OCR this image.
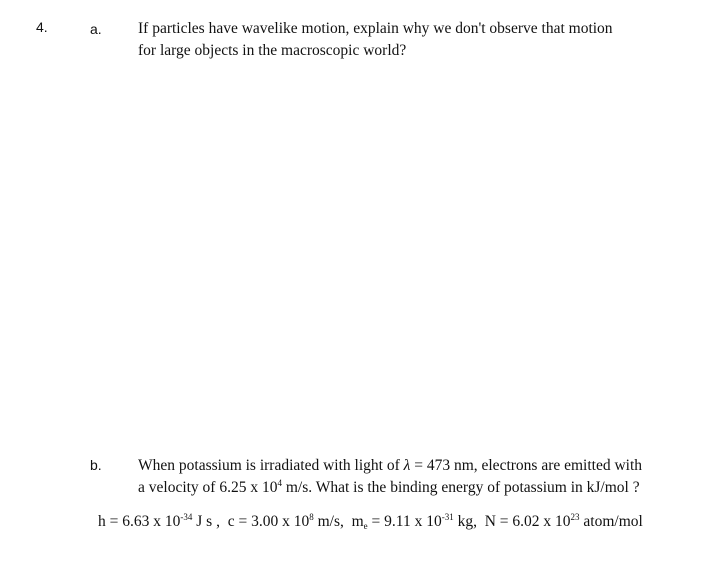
4.	a. If particles have wavelike motion, explain why we don't observe that motion
for large objects in the macroscopic world?
b. When potassium is irradiated with light of λ = 473 nm, electrons are emitted with
a velocity of 6.25 x $10^4$ m/s. What is the binding energy of potassium in kJ/mol ?
h = 6.63 x $10^{-34}$ J s ,  c = 3.00 x $10^8$ m/s,  $m_e = 9.11$ x $10^{-31}$ kg,  N = 6.02 x $10^{23}$ atom/mol
